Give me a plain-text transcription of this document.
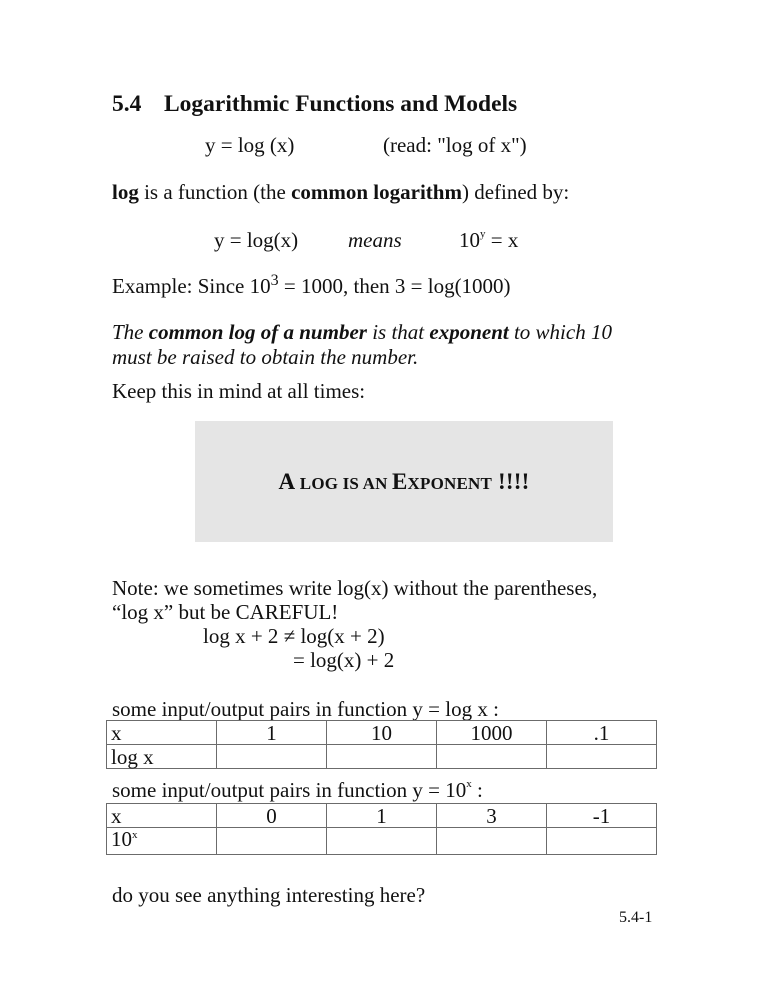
5.4 Logarithmic Functions and Models
y = log (x)	(read: "log of x")
log is a function (the common logarithm) defined by:
y = log(x) means	$10^y = x$
Example: Since $10^3 = 1000$, then 3 = log(1000)
The common log of a number is that exponent to which 10
must be raised to obtain the number.
Keep this in mind at all times:
A LOG IS AN EXPONENT !!!!
Note: we sometimes write log(x) without the parentheses,
“log x” but be CAREFUL!
log x + 2 ≠ log(x + 2)
= log(x) + 2
some input/output pairs in function y = log x :
x	1	10	1000	.1
log x				
some input/output pairs in function $y = 10^x$ :
x	0	1	3	-1
10$^x$				
do you see anything interesting here?
5.4-1
